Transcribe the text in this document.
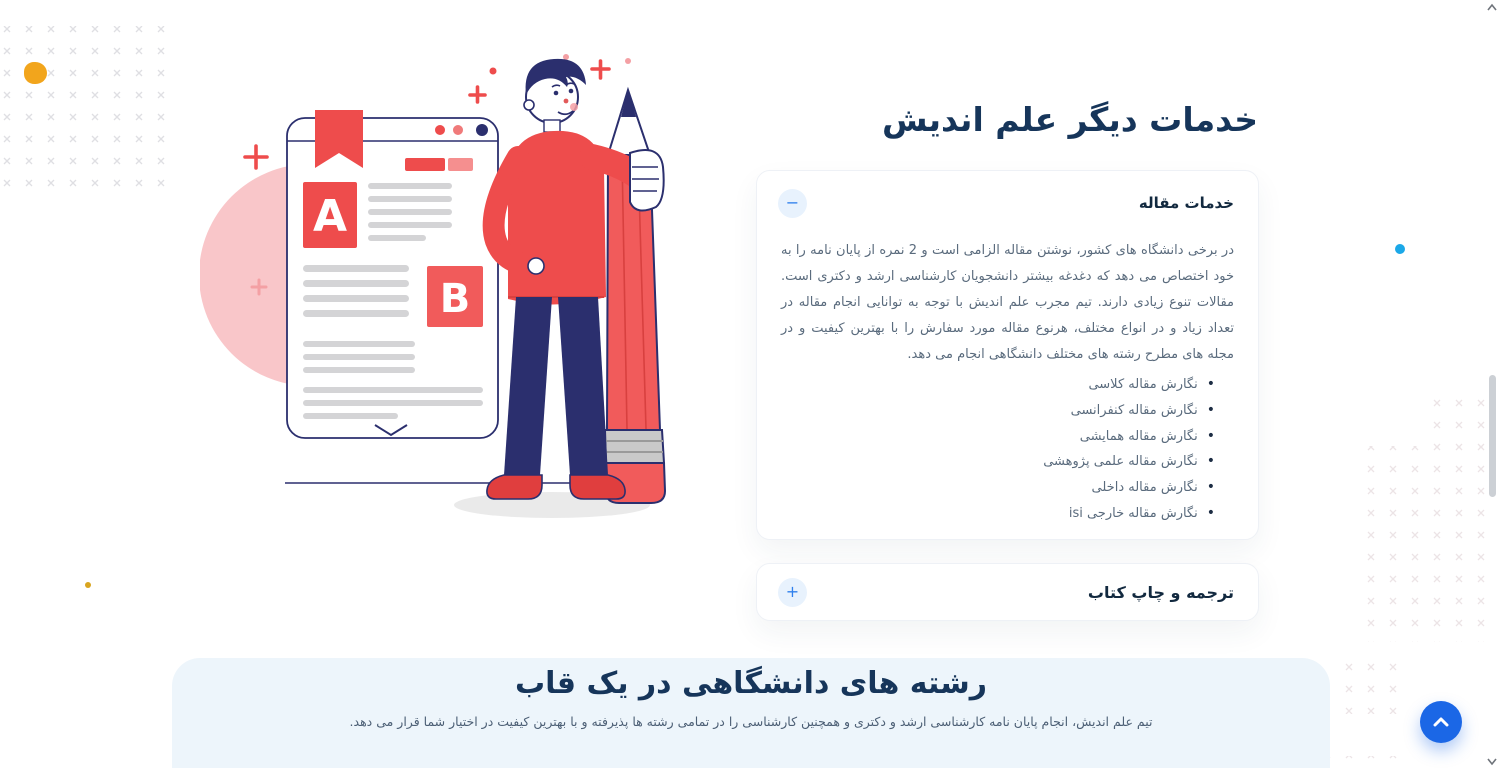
A
B
خدمات دیگر علم اندیش
خدمات مقاله
−

در برخی دانشگاه های کشور، نوشتن مقاله الزامی است و 2 نمره از پایان نامه را به خود اختصاص می دهد که دغدغه بیشتر دانشجویان کارشناسی ارشد و دکتری است. مقالات تنوع زیادی دارند. تیم مجرب علم اندیش با توجه به توانایی انجام مقاله در تعداد زیاد و در انواع مختلف، هرنوع مقاله مورد سفارش را با بهترین کیفیت و در مجله های مطرح رشته های مختلف دانشگاهی انجام می دهد.

•
نگارش مقاله کلاسی
•
نگارش مقاله کنفرانسی
•
نگارش مقاله همایشی
•
نگارش مقاله علمی پژوهشی
•
نگارش مقاله داخلی
•
نگارش مقاله خارجی isi
ترجمه و چاپ کتاب
+
رشته های دانشگاهی در یک قاب

تیم علم اندیش، انجام پایان نامه کارشناسی ارشد و دکتری و همچنین کارشناسی را در تمامی رشته ها پذیرفته و با بهترین کیفیت در اختیار شما قرار می دهد.
